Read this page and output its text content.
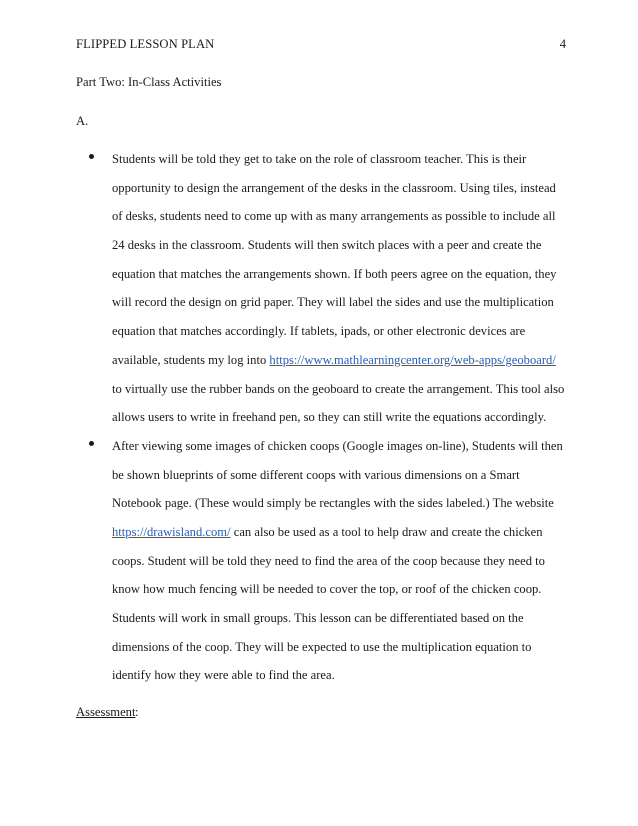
FLIPPED LESSON PLAN	4
Part Two: In-Class Activities
A.
Students will be told they get to take on the role of classroom teacher. This is their
opportunity to design the arrangement of the desks in the classroom. Using tiles, instead
of desks, students need to come up with as many arrangements as possible to include all
24 desks in the classroom. Students will then switch places with a peer and create the
equation that matches the arrangements shown. If both peers agree on the equation, they
will record the design on grid paper. They will label the sides and use the multiplication
equation that matches accordingly. If tablets, ipads, or other electronic devices are
available, students my log into https://www.mathlearningcenter.org/web-apps/geoboard/
to virtually use the rubber bands on the geoboard to create the arrangement. This tool also
allows users to write in freehand pen, so they can still write the equations accordingly.
After viewing some images of chicken coops (Google images on-line), Students will then
be shown blueprints of some different coops with various dimensions on a Smart
Notebook page. (These would simply be rectangles with the sides labeled.) The website
https://drawisland.com/ can also be used as a tool to help draw and create the chicken
coops. Student will be told they need to find the area of the coop because they need to
know how much fencing will be needed to cover the top, or roof of the chicken coop.
Students will work in small groups. This lesson can be differentiated based on the
dimensions of the coop. They will be expected to use the multiplication equation to
identify how they were able to find the area.
Assessment :
